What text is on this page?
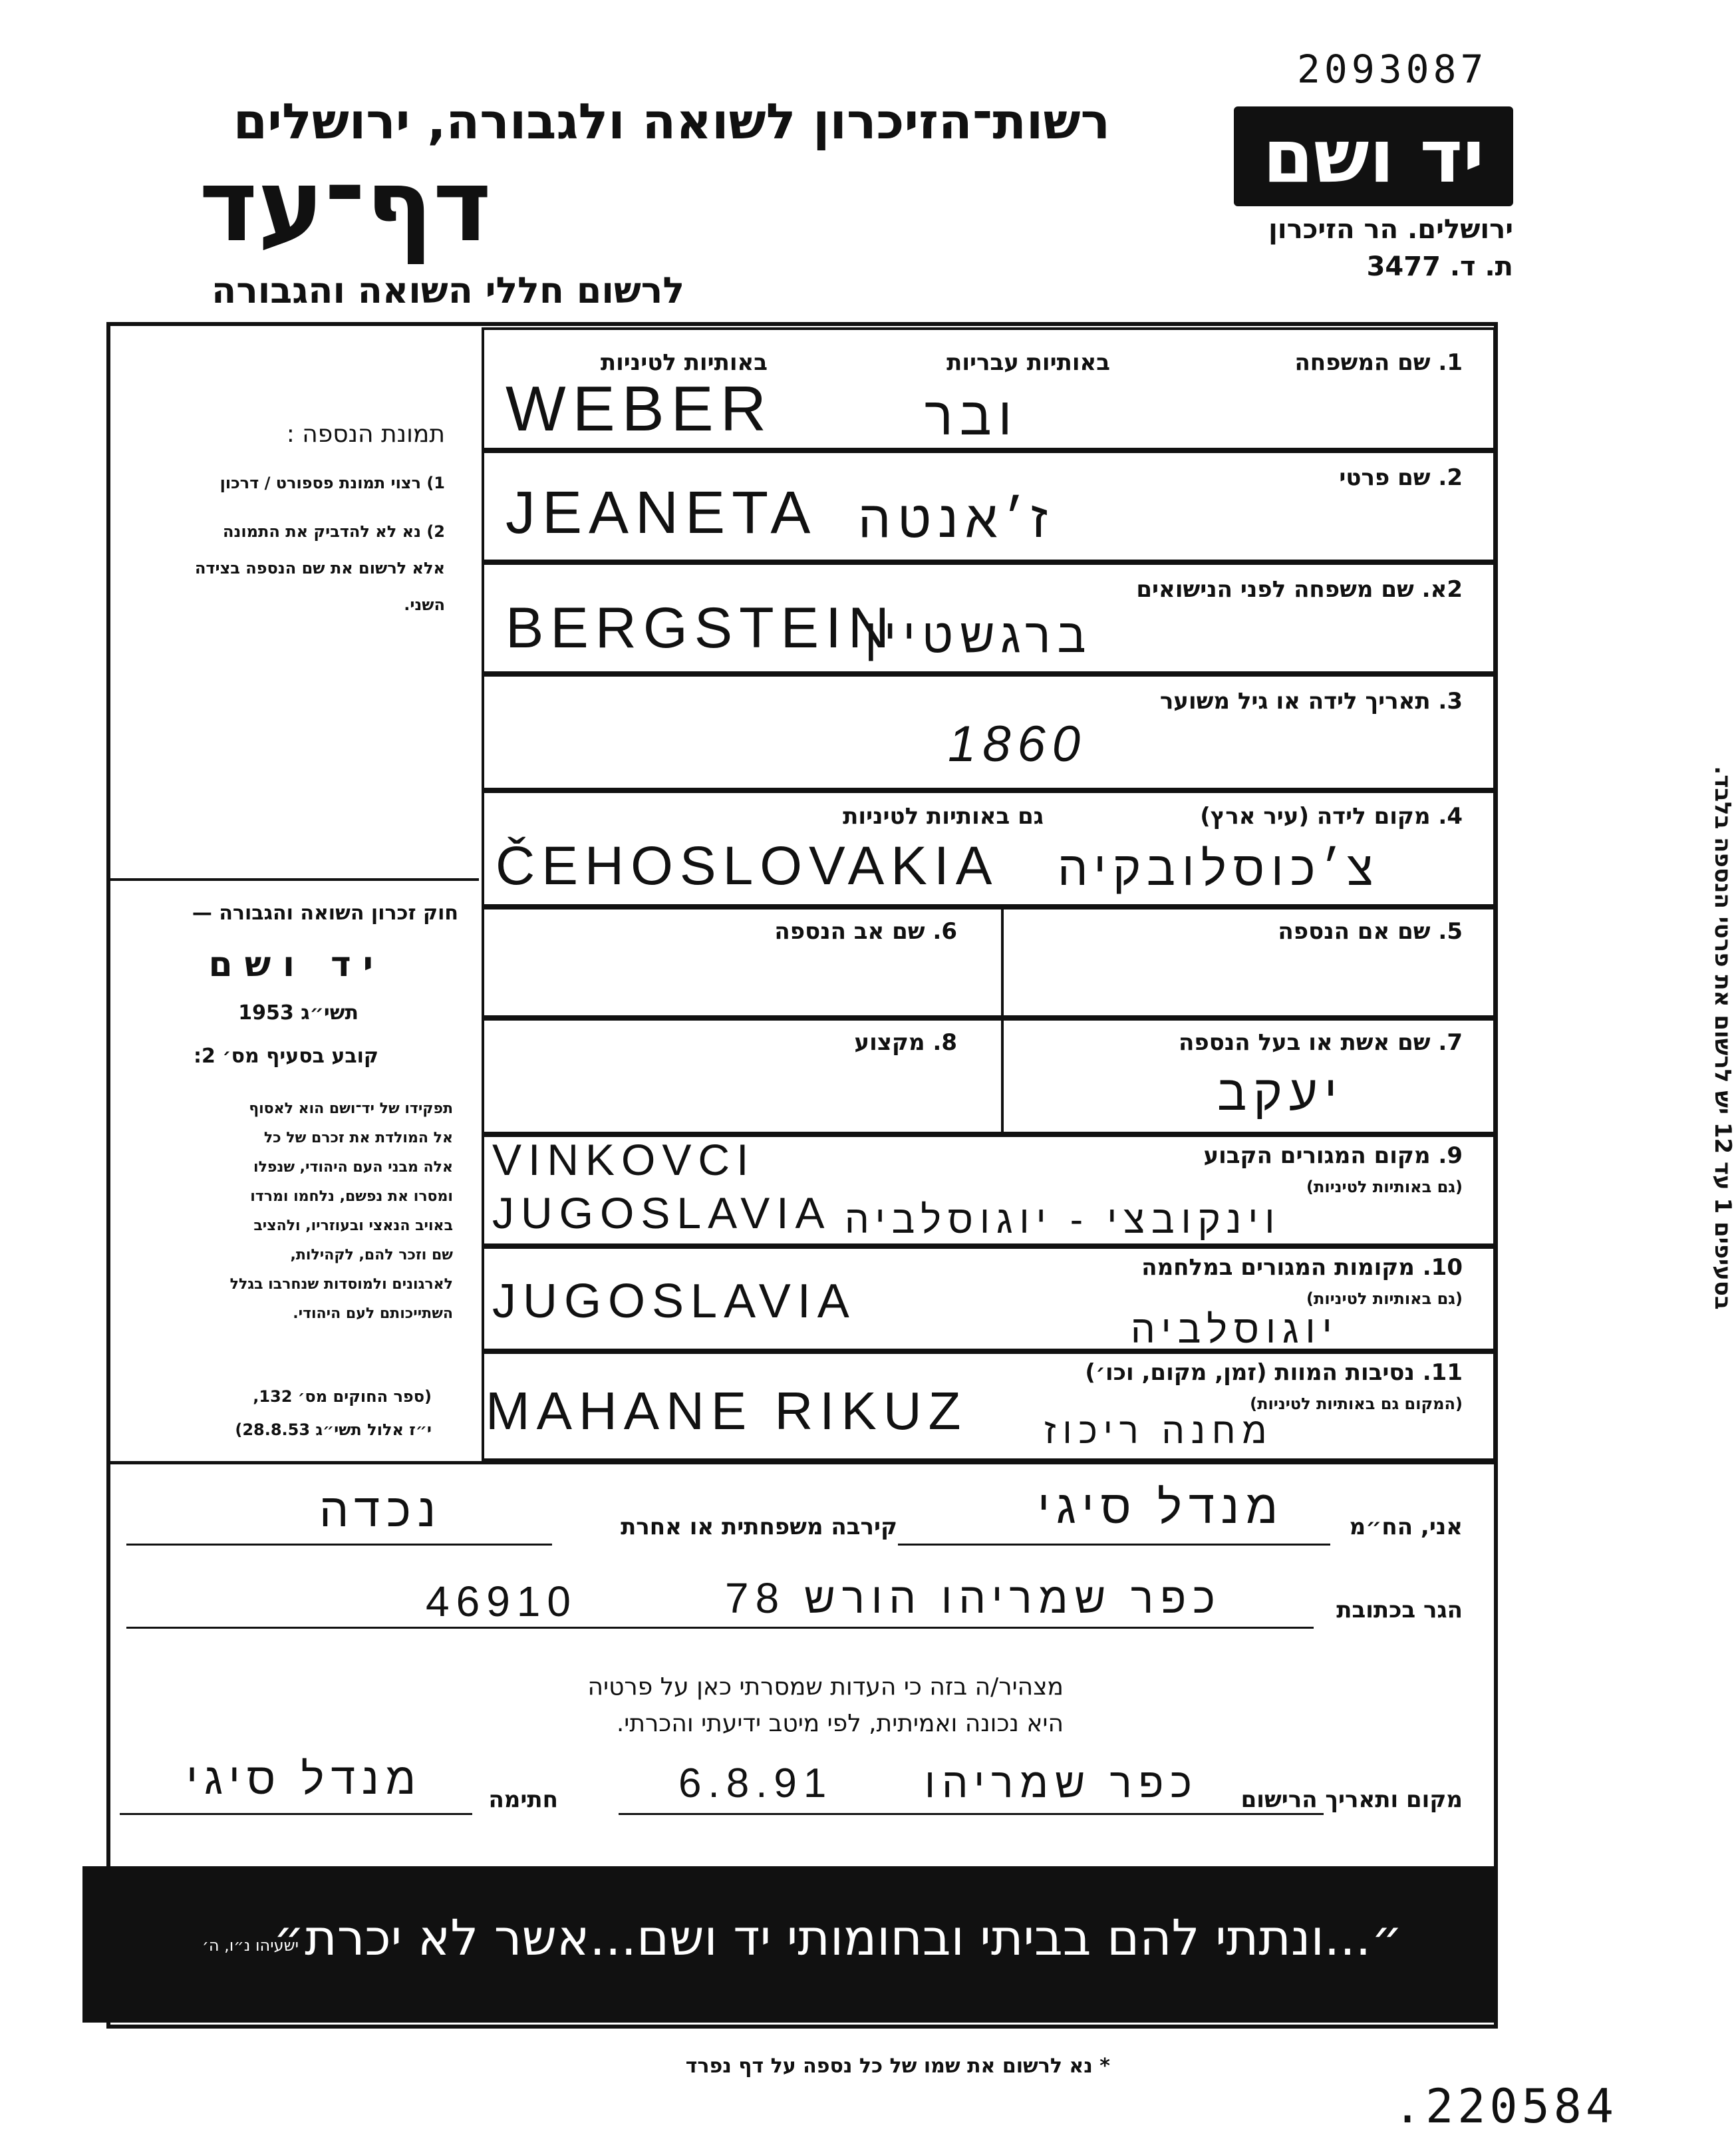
2093087
רשות־הזיכרון לשואה ולגבורה, ירושלים
דף־עד
לרשום חללי השואה והגבורה
יד ושם
ירושלים. הר הזיכרון
ת. ד. 3477
תמונת הנספה :
1) רצוי תמונת פספורט / דרכון
2) נא לא להדביק את התמונה
אלא לרשום את שם הנספה בצידה
השני.
חוק זכרון השואה והגבורה —
יד ושם
תשי״ג 1953
קובע בסעיף מס׳ 2:
תפקידו של יד־ושם הוא לאסוף
אל המולדת את זכרם של כל
אלה מבני העם היהודי, שנפלו
ומסרו את נפשם, נלחמו ומרדו
באויב הנאצי ובעוזריו, ולהציב
שם וזכר להם, לקהילות,
לארגונים ולמוסדות שנחרבו בגלל
השתייכותם לעם היהודי.
(ספר החוקים מס׳ 132,
י״ז אלול תשי״ג 28.8.53)
בסעיפים 1 עד 12 יש לרשום את פרטי הנספה בלבד.
1. שם המשפחה
באותיות עבריות
באותיות לטיניות
WEBER	ובר
2. שם פרטי
JEANETA ז׳אנטה
2א. שם משפחה לפני הנישואים
BERGSTEIN
ברגשטיין
3. תאריך לידה או גיל משוער
1860
4. מקום לידה (עיר ארץ)
גם באותיות לטיניות
ČEHOSLOVAKIA צ׳כוסלובקיה
5. שם אם הנספה
6. שם אב הנספה
7. שם אשת או בעל הנספה
יעקב
8. מקצוע
9. מקום המגורים הקבוע
(גם באותיות לטיניות)
VINKOVCI
JUGOSLAVIA וינקובצי - יוגוסלביה
10. מקומות המגורים במלחמה
(גם באותיות לטיניות)
JUGOSLAVIA
יוגוסלביה
11. נסיבות המוות (זמן, מקום, וכו׳)
(המקום גם באותיות לטיניות)
MAHANE RIKUZ מחנה ריכוז
אני, הח״מ
מנדל סיגי
קירבה משפחתית או אחרת
נכדה
הגר בכתובת
כפר שמריהו הורש 78
46910
מצהיר/ה בזה כי העדות שמסרתי כאן על פרטיה
היא נכונה ואמיתית, לפי מיטב ידיעתי והכרתי.
מקום ותאריך הרישום
כפר שמריהו
6.8.91
חתימה
מנדל סיגי
״...ונתתי להם בביתי ובחומותי יד ושם...אשר לא יכרת״
ישעיהו נ״ו, ה׳
* נא לרשום את שמו של כל נספה על דף נפרד
.220584
